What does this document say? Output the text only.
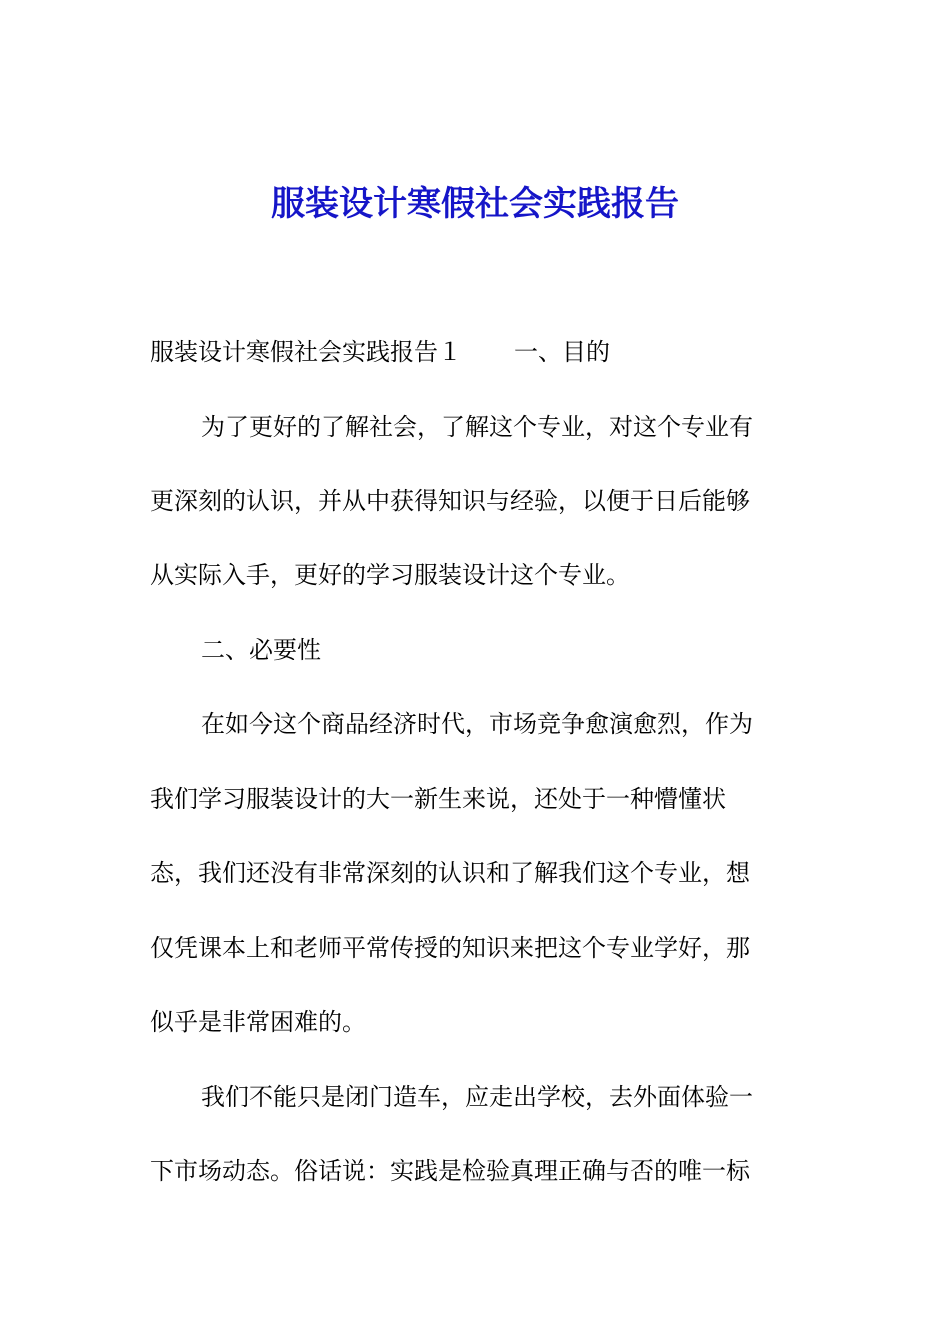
服装设计寒假社会实践报告
服装设计寒假社会实践报告１ 一、目的
为了更好的了解社会，了解这个专业，对这个专业有
更深刻的认识，并从中获得知识与经验，以便于日后能够
从实际入手，更好的学习服装设计这个专业。
二、必要性
在如今这个商品经济时代，市场竞争愈演愈烈，作为
我们学习服装设计的大一新生来说，还处于一种懵懂状
态，我们还没有非常深刻的认识和了解我们这个专业，想
仅凭课本上和老师平常传授的知识来把这个专业学好，那
似乎是非常困难的。
我们不能只是闭门造车，应走出学校，去外面体验一
下市场动态。俗话说：实践是检验真理正确与否的唯一标
